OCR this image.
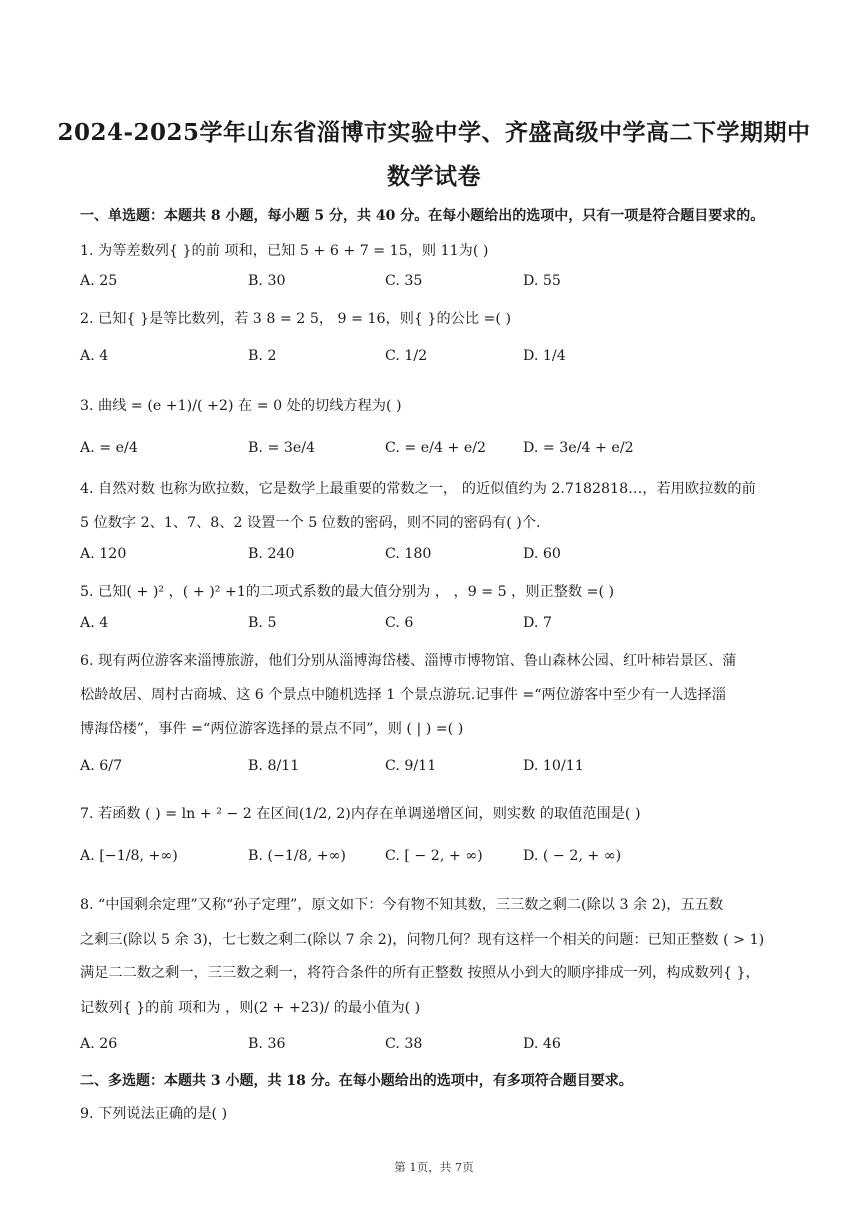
2024-2025学年山东省淄博市实验中学、齐盛高级中学高二下学期期中
数学试卷
一、单选题：本题共 8 小题，每小题 5 分，共 40 分。在每小题给出的选项中，只有一项是符合题目要求的。
1. 为等差数列{ }的前 项和，已知 5 + 6 + 7 = 15，则 11为( )
A. 25	B. 30	C. 35	D. 55
2. 已知{ }是等比数列，若 3 8 = 2 5， 9 = 16，则{ }的公比 =( )
A. 4	B. 2	C. 1/2	D. 1/4
3. 曲线 = (e +1)/( +2) 在 = 0 处的切线方程为( )
A. = e/4	B. = 3e/4	C. = e/4 + e/2	D. = 3e/4 + e/2
4. 自然对数 也称为欧拉数，它是数学上最重要的常数之一， 的近似值约为 2.7182818…，若用欧拉数的前
5 位数字 2、1、7、8、2 设置一个 5 位数的密码，则不同的密码有( )个.
A. 120	B. 240	C. 180	D. 60
5. 已知( + )² ，( + )² +1的二项式系数的最大值分别为 ， ，9 = 5 ，则正整数 =( )
A. 4	B. 5	C. 6	D. 7
6. 现有两位游客来淄博旅游，他们分别从淄博海岱楼、淄博市博物馆、鲁山森林公园、红叶柿岩景区、蒲
松龄故居、周村古商城、这 6 个景点中随机选择 1 个景点游玩.记事件 =“两位游客中至少有一人选择淄
博海岱楼”，事件 =“两位游客选择的景点不同”，则 ( | ) =( )
A. 6/7	B. 8/11	C. 9/11	D. 10/11
7. 若函数 ( ) = ln + ² − 2 在区间(1/2, 2)内存在单调递增区间，则实数 的取值范围是( )
A. [−1/8, +∞)	B. (−1/8, +∞)	C. [ − 2, + ∞)	D. ( − 2, + ∞)
8. “中国剩余定理”又称“孙子定理”，原文如下：今有物不知其数，三三数之剩二(除以 3 余 2)，五五数
之剩三(除以 5 余 3)，七七数之剩二(除以 7 余 2)，问物几何？现有这样一个相关的问题：已知正整数 ( > 1)
满足二二数之剩一，三三数之剩一，将符合条件的所有正整数 按照从小到大的顺序排成一列，构成数列{ }，
记数列{ }的前 项和为 ，则(2 + +23)/ 的最小值为( )
A. 26	B. 36	C. 38	D. 46
二、多选题：本题共 3 小题，共 18 分。在每小题给出的选项中，有多项符合题目要求。
9. 下列说法正确的是( )
第 1页，共 7页
